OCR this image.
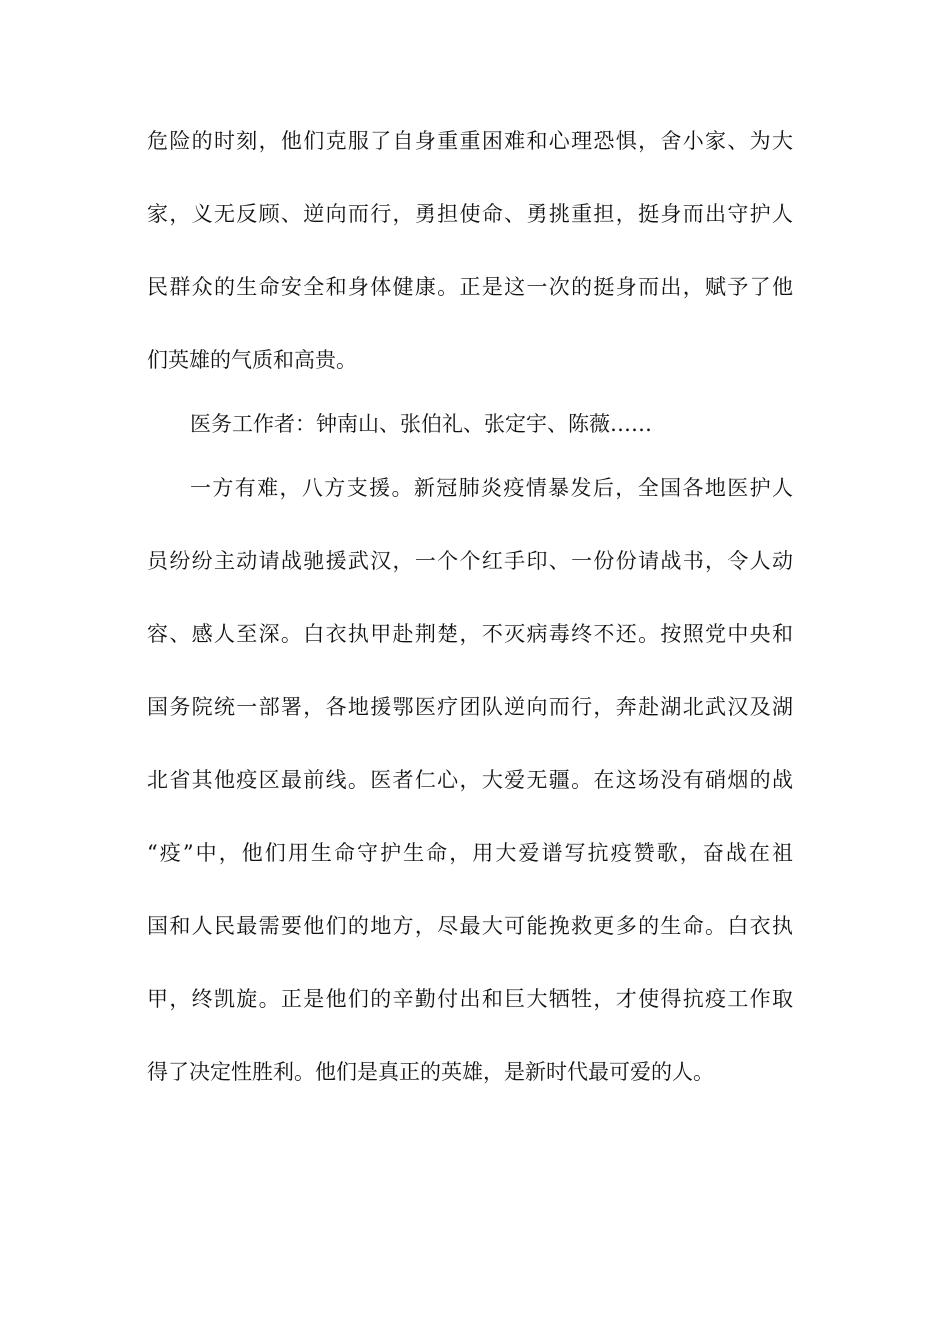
危险的时刻，他们克服了自身重重困难和心理恐惧，舍小家、为大
家，义无反顾、逆向而行，勇担使命、勇挑重担，挺身而出守护人
民群众的生命安全和身体健康。正是这一次的挺身而出，赋予了他
们英雄的气质和高贵。
医务工作者：钟南山、张伯礼、张定宇、陈薇……
一方有难，八方支援。新冠肺炎疫情暴发后，全国各地医护人
员纷纷主动请战驰援武汉，一个个红手印、一份份请战书，令人动
容、感人至深。白衣执甲赴荆楚，不灭病毒终不还。按照党中央和
国务院统一部署，各地援鄂医疗团队逆向而行，奔赴湖北武汉及湖
北省其他疫区最前线。医者仁心，大爱无疆。在这场没有硝烟的战
“疫”中，他们用生命守护生命，用大爱谱写抗疫赞歌，奋战在祖
国和人民最需要他们的地方，尽最大可能挽救更多的生命。白衣执
甲，终凯旋。正是他们的辛勤付出和巨大牺牲，才使得抗疫工作取
得了决定性胜利。他们是真正的英雄，是新时代最可爱的人。
